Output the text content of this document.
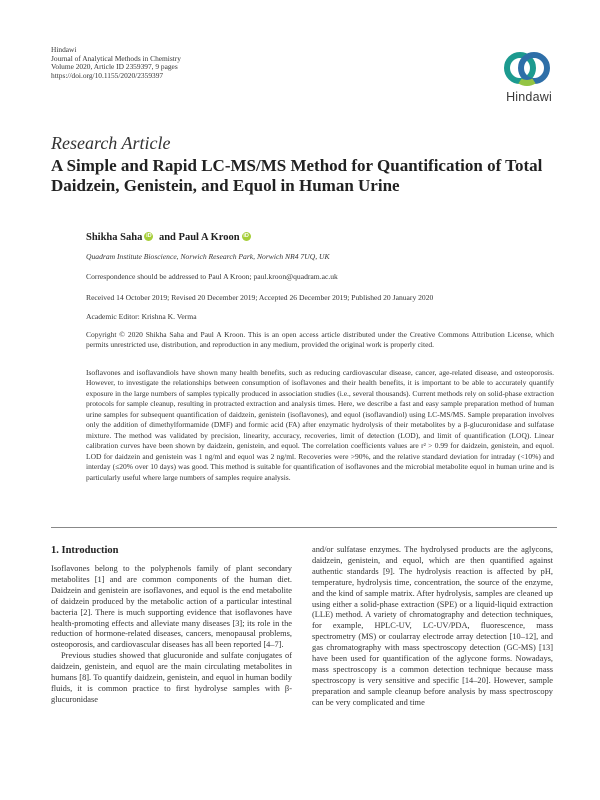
Hindawi
Journal of Analytical Methods in Chemistry
Volume 2020, Article ID 2359397, 9 pages
https://doi.org/10.1155/2020/2359397
Hindawi
Research Article
A Simple and Rapid LC-MS/MS Method for Quantification of Total Daidzein, Genistein, and Equol in Human Urine
Shikha Saha iD and Paul A Kroon iD
Quadram Institute Bioscience, Norwich Research Park, Norwich NR4 7UQ, UK
Correspondence should be addressed to Paul A Kroon; paul.kroon@quadram.ac.uk
Received 14 October 2019; Revised 20 December 2019; Accepted 26 December 2019; Published 20 January 2020
Academic Editor: Krishna K. Verma
Copyright © 2020 Shikha Saha and Paul A Kroon. This is an open access article distributed under the Creative Commons Attribution License, which permits unrestricted use, distribution, and reproduction in any medium, provided the original work is properly cited.
Isoflavones and isoflavandiols have shown many health benefits, such as reducing cardiovascular disease, cancer, age-related disease, and osteoporosis. However, to investigate the relationships between consumption of isoflavones and their health benefits, it is important to be able to accurately quantify exposure in the large numbers of samples typically produced in association studies (i.e., several thousands). Current methods rely on solid-phase extraction protocols for sample cleanup, resulting in protracted extraction and analysis times. Here, we describe a fast and easy sample preparation method of human urine samples for subsequent quantification of daidzein, genistein (isoflavones), and equol (isoflavandiol) using LC-MS/MS. Sample preparation involves only the addition of dimethylformamide (DMF) and formic acid (FA) after enzymatic hydrolysis of their metabolites by a β-glucuronidase and sulfatase mixture. The method was validated by precision, linearity, accuracy, recoveries, limit of detection (LOD), and limit of quantification (LOQ). Linear calibration curves have been shown by daidzein, genistein, and equol. The correlation coefficients values are r² > 0.99 for daidzein, genistein, and equol. LOD for daidzein and genistein was 1 ng/ml and equol was 2 ng/ml. Recoveries were >90%, and the relative standard deviation for intraday (<10%) and interday (≤20% over 10 days) was good. This method is suitable for quantification of isoflavones and the microbial metabolite equol in human urine and is particularly useful where large numbers of samples require analysis.
1. Introduction

Isoflavones belong to the polyphenols family of plant secondary metabolites [1] and are common components of the human diet. Daidzein and genistein are isoflavones, and equol is the end metabolite of daidzein produced by the metabolic action of a particular intestinal bacteria [2]. There is much supporting evidence that isoflavones have health-promoting effects and alleviate many diseases [3]; its role in the reduction of hormone-related diseases, cancers, menopausal problems, osteoporosis, and cardiovascular diseases has all been reported [4–7].

Previous studies showed that glucuronide and sulfate conjugates of daidzein, genistein, and equol are the main circulating metabolites in humans [8]. To quantify daidzein, genistein, and equol in human bodily fluids, it is common practice to first hydrolyse samples with β-glucuronidase

and/or sulfatase enzymes. The hydrolysed products are the aglycons, daidzein, genistein, and equol, which are then quantified against authentic standards [9]. The hydrolysis reaction is affected by pH, temperature, hydrolysis time, concentration, the source of the enzyme, and the kind of sample matrix. After hydrolysis, samples are cleaned up using either a solid-phase extraction (SPE) or a liquid-liquid extraction (LLE) method. A variety of chromatography and detection techniques, for example, HPLC-UV, LC-UV/PDA, fluorescence, mass spectrometry (MS) or coularray electrode array detection [10–12], and gas chromatography with mass spectroscopy detection (GC-MS) [13] have been used for quantification of the aglycone forms. Nowadays, mass spectroscopy is a common detection technique because mass spectroscopy is very sensitive and specific [14–20]. However, sample preparation and sample cleanup before analysis by mass spectroscopy can be very complicated and time
